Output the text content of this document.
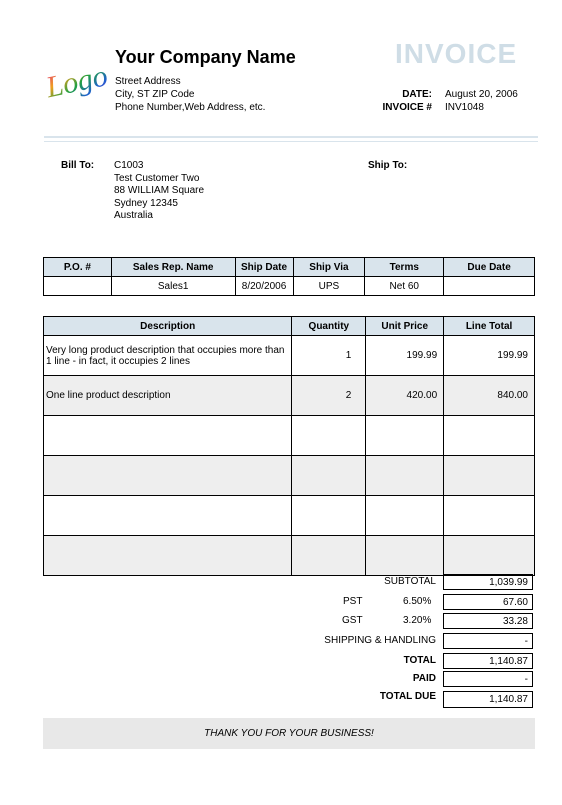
Logo
Your Company Name
Street Address
City, ST ZIP Code
Phone Number,Web Address, etc.
INVOICE
DATE: August 20, 2006
INVOICE # INV1048
Bill To: C1003
Test Customer Two
88 WILLIAM Square
Sydney 12345
Australia
Ship To:
P.O. #	Sales Rep. Name	Ship Date	Ship Via	Terms	Due Date
	Sales1	8/20/2006	UPS	Net 60	
Description	Quantity	Unit Price	Line Total
Very long product description that occupies more than 1 line - in fact, it occupies 2 lines	1	199.99	199.99
One line product description	2	420.00	840.00

SUBTOTAL	1,039.99
PST	6.50%	67.60
GST	3.20%	33.28
SHIPPING & HANDLING	-
TOTAL	1,140.87
PAID	-
TOTAL DUE	1,140.87
THANK YOU FOR YOUR BUSINESS!
